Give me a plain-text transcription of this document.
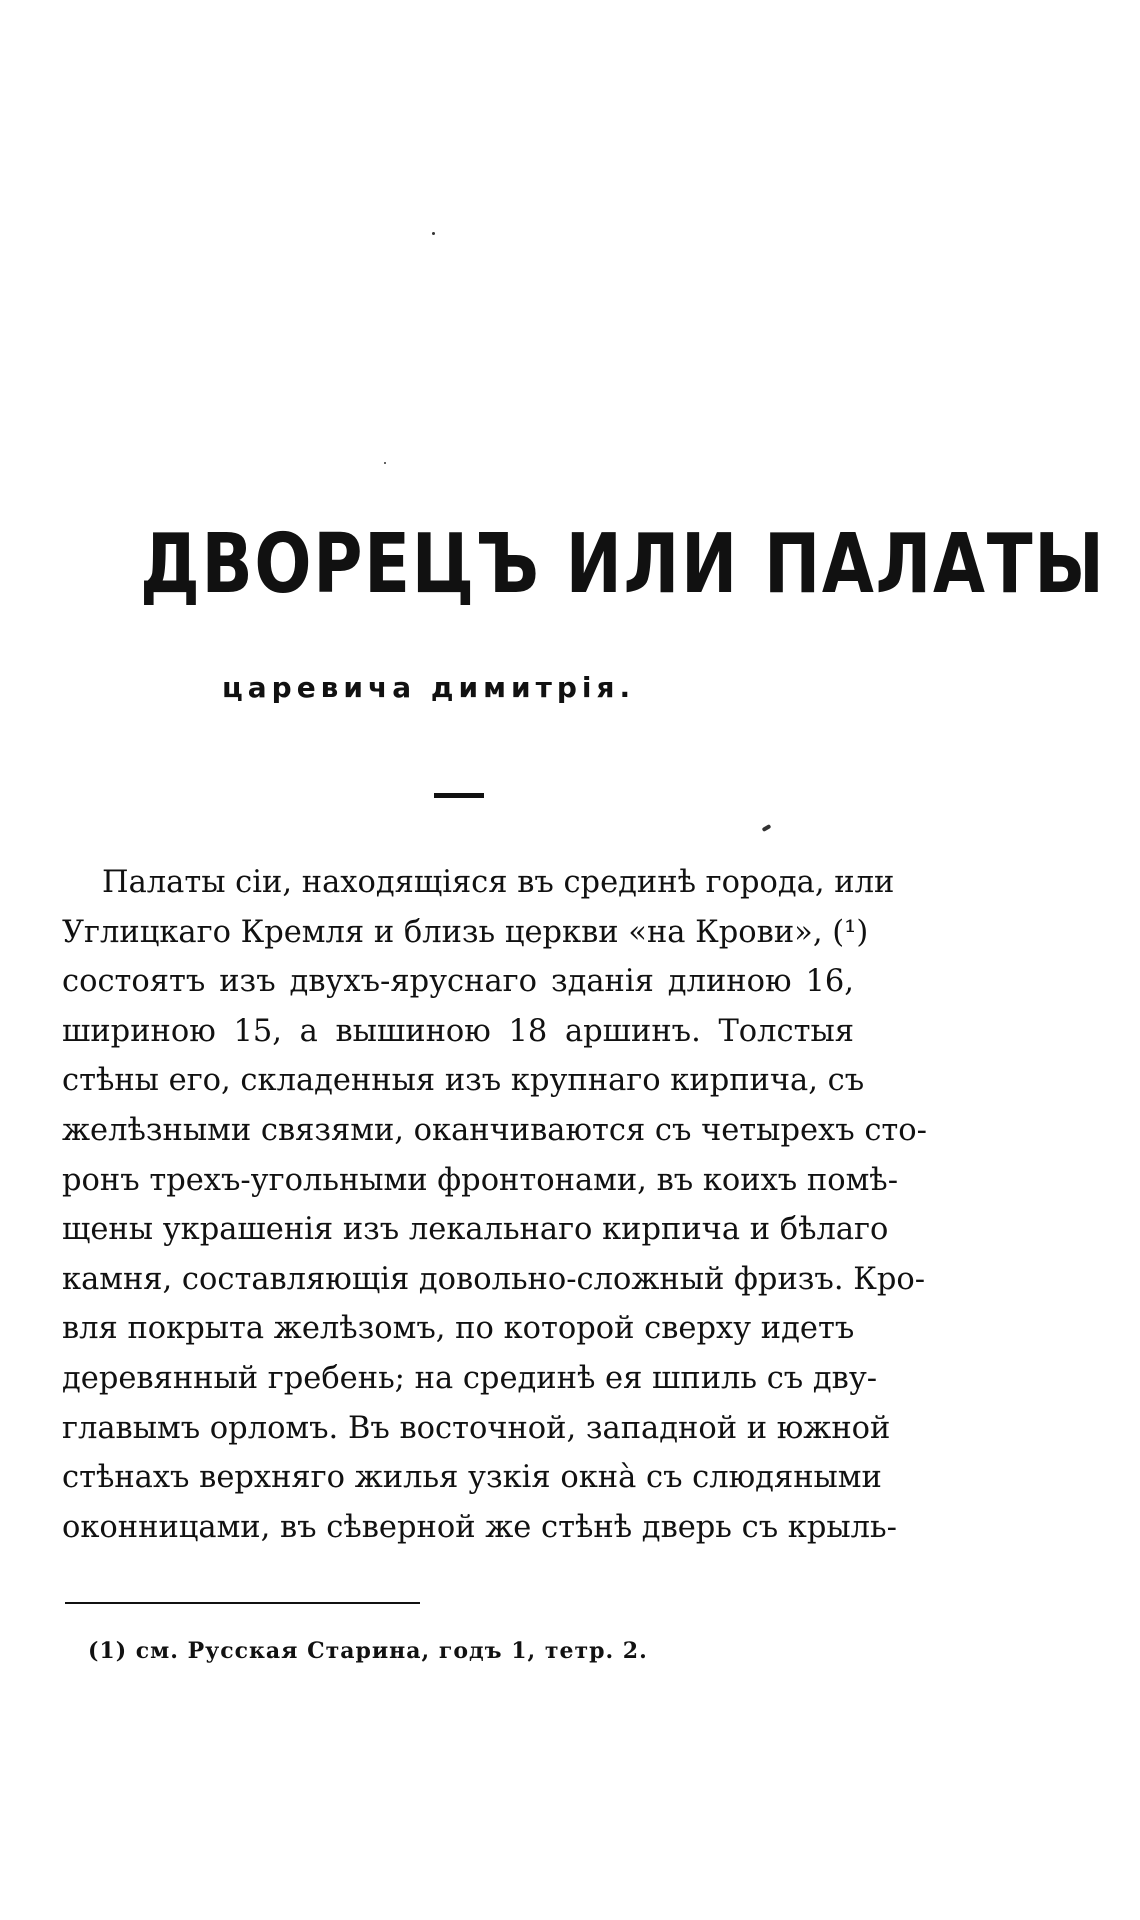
ДВОРЕЦЪ ИЛИ ПАЛАТЫ
царевича димитрія.
Палаты сіи, находящіяся въ срединѣ города, или
Углицкаго Кремля и близь церкви «на Крови», (¹)
состоятъ изъ двухъ-яруснаго зданія длиною 16,
шириною 15, а вышиною 18 аршинъ. Толстыя
стѣны его, складенныя изъ крупнаго кирпича, съ
желѣзными связями, оканчиваются съ четырехъ сто-
ронъ трехъ-угольными фронтонами, въ коихъ помѣ-
щены украшенія изъ лекальнаго кирпича и бѣлаго
камня, составляющія довольно-сложный фризъ. Кро-
вля покрыта желѣзомъ, по которой сверху идетъ
деревянный гребень; на срединѣ ея шпиль съ дву-
главымъ орломъ. Въ восточной, западной и южной
стѣнахъ верхняго жилья узкія окнà съ слюдяными
оконницами, въ сѣверной же стѣнѣ дверь съ крыль-
(1) см. Русская Старина, годъ 1, тетр. 2.
